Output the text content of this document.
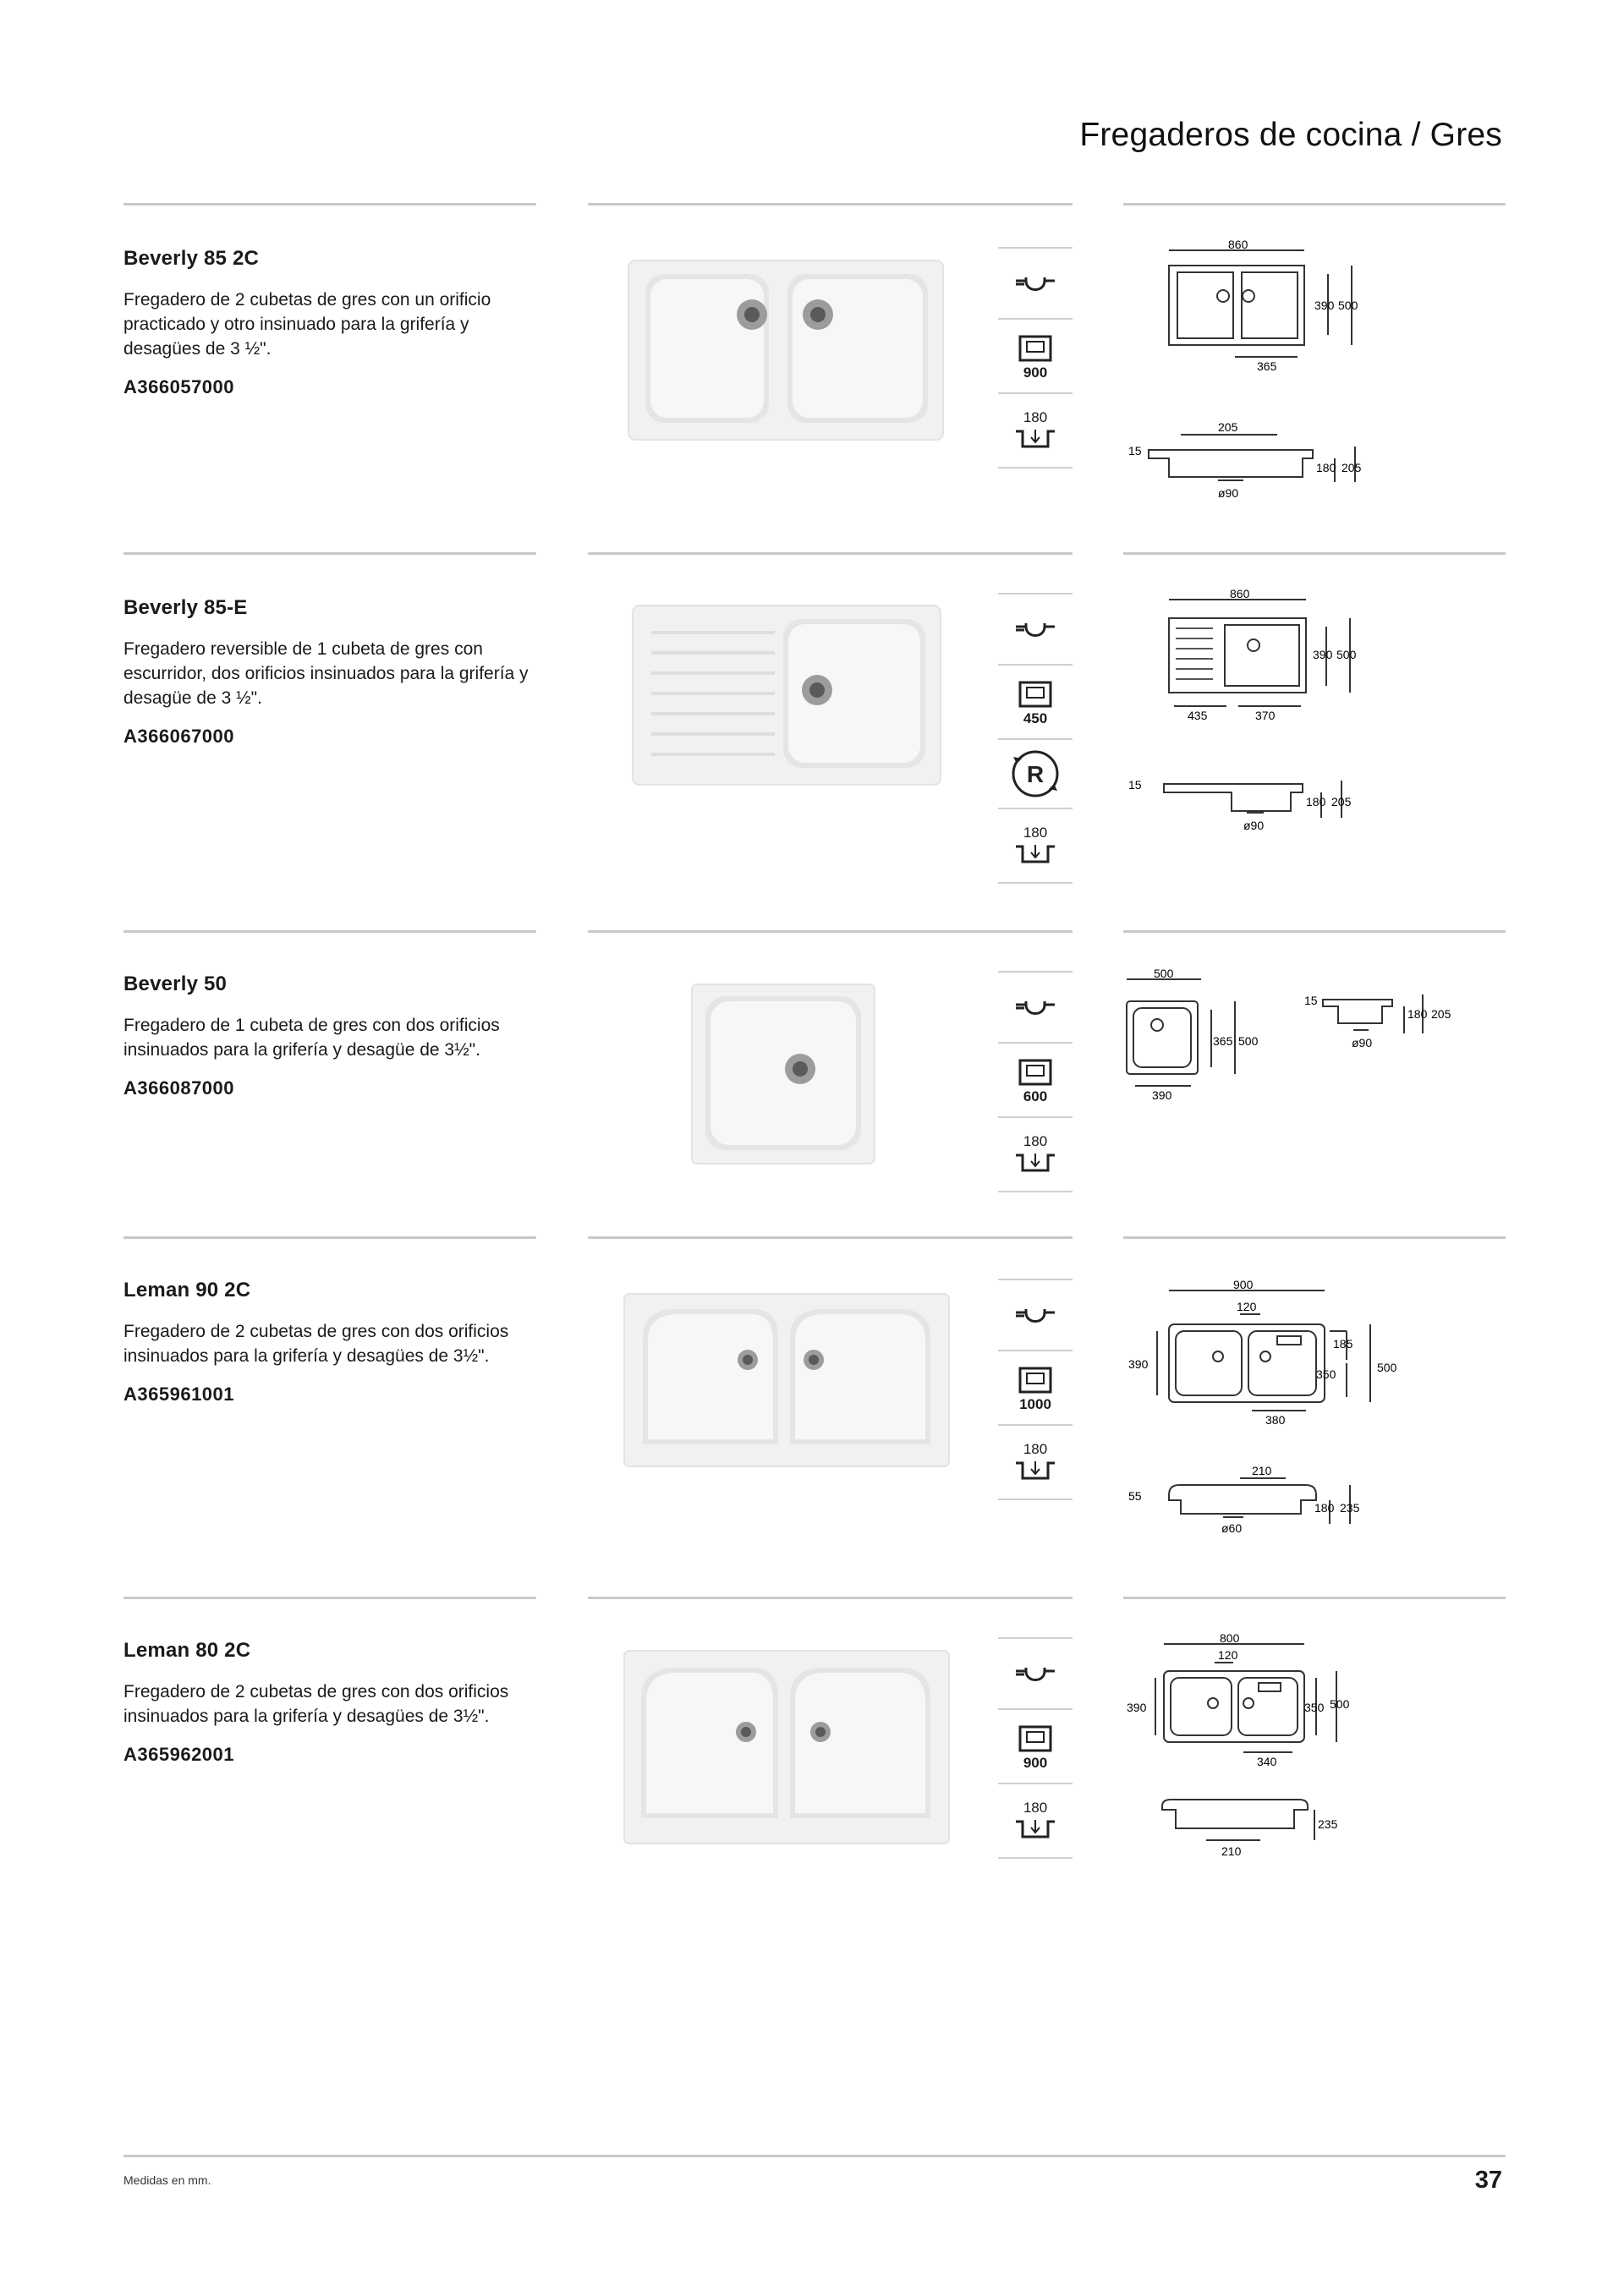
Fregaderos de cocina / Gres

Beverly 85 2C

Fregadero de 2 cubetas de gres con un orificio practicado y otro insinuado para la grifería y desagües de 3 ½".

A366057000
900
180
860
390 500
365
15
205
180 205
ø90

Beverly 85-E

Fregadero reversible de 1 cubeta de gres con escurridor, dos orificios insinuados para la grifería y desagüe de 3 ½".

A366067000
450
R
180
860
390 500
435	370
15
180 205
ø90

Beverly 50

Fregadero de 1 cubeta de gres con dos orificios insinuados para la grifería y desagüe de 3½".

A366087000	600
180
500
365 500
390
15
180 205
ø90

Leman 90 2C

Fregadero de 2 cubetas de gres con dos orificios insinuados para la grifería y desagües de 3½".

A365961001	1000
180
900
120
390
185
350	500
380
55
210
180 235
ø60

Leman 80 2C

Fregadero de 2 cubetas de gres con dos orificios insinuados para la grifería y desagües de 3½".

A365962001	900
180
800
120
390	350 500
340
235
210
Medidas en mm.	37
